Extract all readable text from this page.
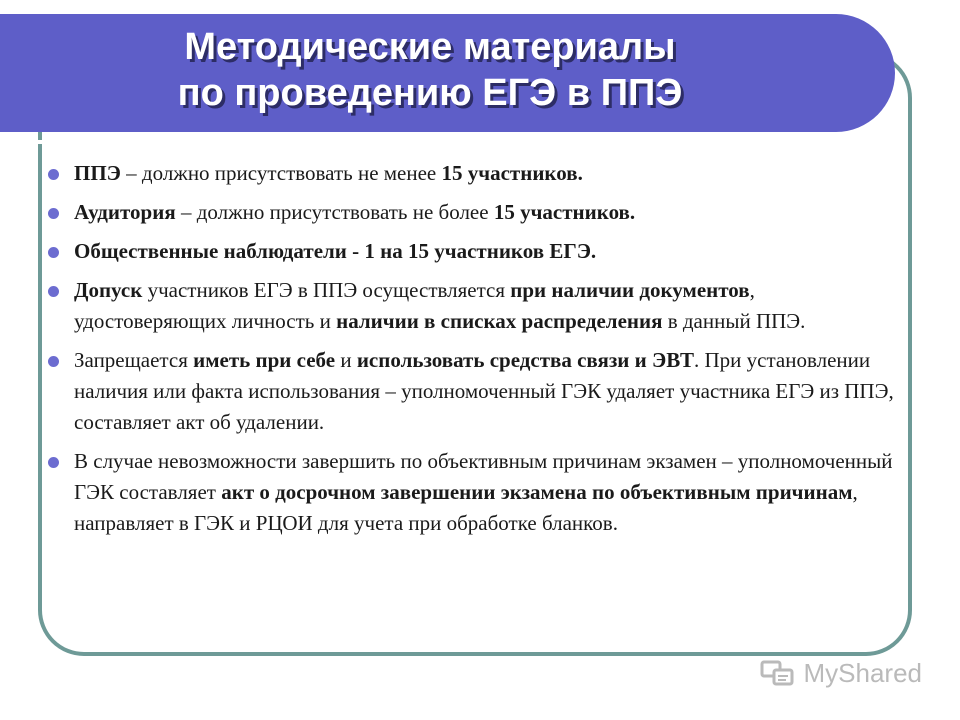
Методические материалы
по проведению ЕГЭ в ППЭ
ППЭ – должно присутствовать не менее 15 участников.
Аудитория – должно присутствовать не более 15 участников.
Общественные наблюдатели - 1 на 15 участников ЕГЭ.
Допуск участников ЕГЭ в ППЭ осуществляется при наличии документов, удостоверяющих личность и наличии в списках распределения в данный ППЭ.
Запрещается иметь при себе и использовать средства связи и ЭВТ. При установлении наличия или факта использования – уполномоченный ГЭК удаляет участника ЕГЭ из ППЭ, составляет акт об удалении.
В случае невозможности завершить по объективным причинам экзамен – уполномоченный ГЭК составляет акт о досрочном завершении экзамена по объективным причинам, направляет в ГЭК и РЦОИ для учета при обработке бланков.
MyShared
